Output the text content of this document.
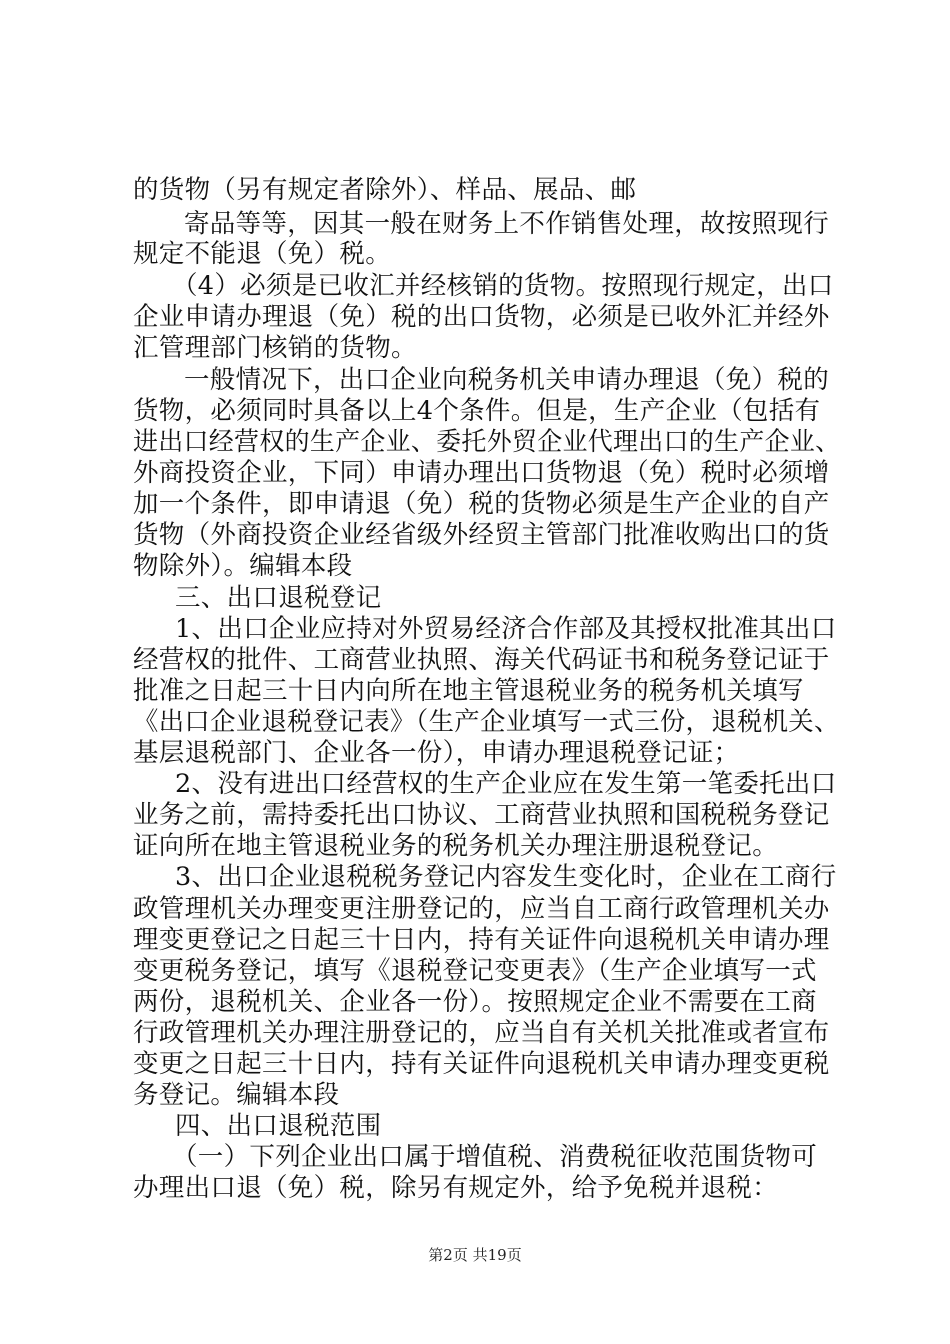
的货物（另有规定者除外）、样品、展品、邮
寄品等等，因其一般在财务上不作销售处理，故按照现行
规定不能退（免）税。
（4）必须是已收汇并经核销的货物。按照现行规定，出口
企业申请办理退（免）税的出口货物，必须是已收外汇并经外
汇管理部门核销的货物。
一般情况下，出口企业向税务机关申请办理退（免）税的
货物，必须同时具备以上4个条件。但是，生产企业（包括有
进出口经营权的生产企业、委托外贸企业代理出口的生产企业、
外商投资企业，下同）申请办理出口货物退（免）税时必须增
加一个条件，即申请退（免）税的货物必须是生产企业的自产
货物（外商投资企业经省级外经贸主管部门批准收购出口的货
物除外）。编辑本段
三、出口退税登记
1、出口企业应持对外贸易经济合作部及其授权批准其出口
经营权的批件、工商营业执照、海关代码证书和税务登记证于
批准之日起三十日内向所在地主管退税业务的税务机关填写
《出口企业退税登记表》（生产企业填写一式三份，退税机关、
基层退税部门、企业各一份），申请办理退税登记证；
2、没有进出口经营权的生产企业应在发生第一笔委托出口
业务之前，需持委托出口协议、工商营业执照和国税税务登记
证向所在地主管退税业务的税务机关办理注册退税登记。
3、出口企业退税税务登记内容发生变化时，企业在工商行
政管理机关办理变更注册登记的，应当自工商行政管理机关办
理变更登记之日起三十日内，持有关证件向退税机关申请办理
变更税务登记，填写《退税登记变更表》（生产企业填写一式
两份，退税机关、企业各一份）。按照规定企业不需要在工商
行政管理机关办理注册登记的，应当自有关机关批准或者宣布
变更之日起三十日内，持有关证件向退税机关申请办理变更税
务登记。编辑本段
四、出口退税范围
（一）下列企业出口属于增值税、消费税征收范围货物可
办理出口退（免）税，除另有规定外，给予免税并退税：
第2页 共19页
